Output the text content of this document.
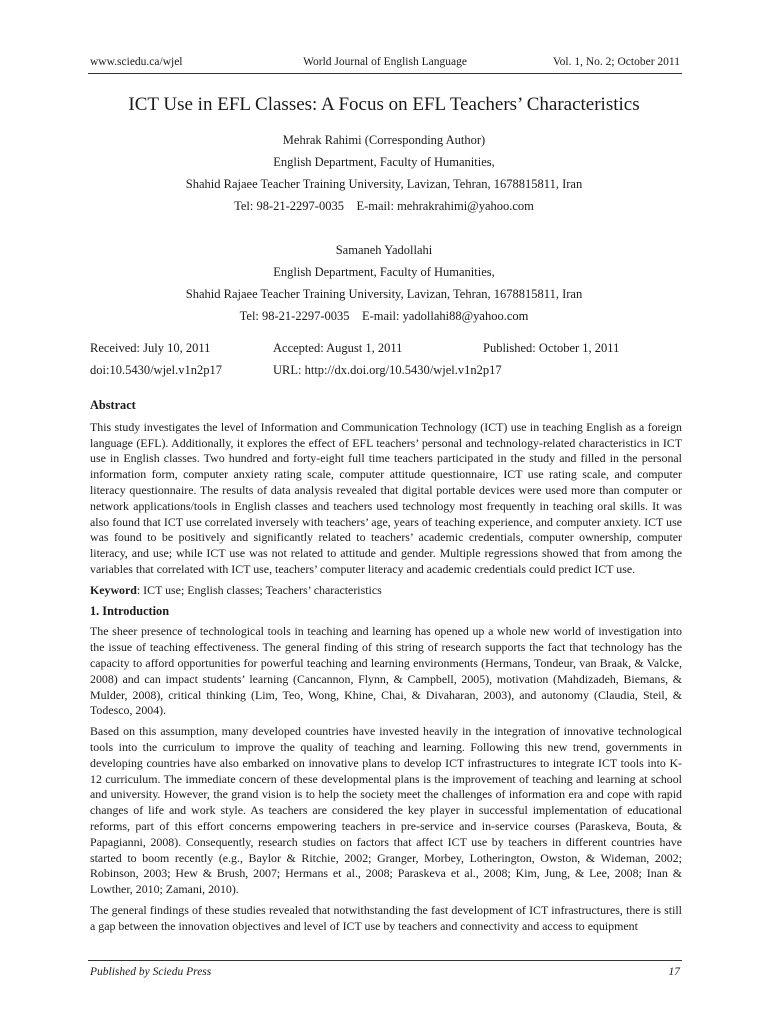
www.sciedu.ca/wjel	World Journal of English Language	Vol. 1, No. 2; October 2011
ICT Use in EFL Classes: A Focus on EFL Teachers’ Characteristics
Mehrak Rahimi (Corresponding Author)
English Department, Faculty of Humanities,
Shahid Rajaee Teacher Training University, Lavizan, Tehran, 1678815811, Iran
Tel: 98-21-2297-0035    E-mail: mehrakrahimi@yahoo.com
Samaneh Yadollahi
English Department, Faculty of Humanities,
Shahid Rajaee Teacher Training University, Lavizan, Tehran, 1678815811, Iran
Tel: 98-21-2297-0035    E-mail: yadollahi88@yahoo.com
Received: July 10, 2011	Accepted: August 1, 2011	Published: October 1, 2011
doi:10.5430/wjel.v1n2p17	URL: http://dx.doi.org/10.5430/wjel.v1n2p17
Abstract

This study investigates the level of Information and Communication Technology (ICT) use in teaching English as a foreign language (EFL). Additionally, it explores the effect of EFL teachers’ personal and technology-related characteristics in ICT use in English classes. Two hundred and forty-eight full time teachers participated in the study and filled in the personal information form, computer anxiety rating scale, computer attitude questionnaire, ICT use rating scale, and computer literacy questionnaire. The results of data analysis revealed that digital portable devices were used more than computer or network applications/tools in English classes and teachers used technology most frequently in teaching oral skills. It was also found that ICT use correlated inversely with teachers’ age, years of teaching experience, and computer anxiety. ICT use was found to be positively and significantly related to teachers’ academic credentials, computer ownership, computer literacy, and use; while ICT use was not related to attitude and gender. Multiple regressions showed that from among the variables that correlated with ICT use, teachers’ computer literacy and academic credentials could predict ICT use.

Keyword: ICT use; English classes; Teachers’ characteristics
1. Introduction

The sheer presence of technological tools in teaching and learning has opened up a whole new world of investigation into the issue of teaching effectiveness. The general finding of this string of research supports the fact that technology has the capacity to afford opportunities for powerful teaching and learning environments (Hermans, Tondeur, van Braak, & Valcke, 2008) and can impact students’ learning (Cancannon, Flynn, & Campbell, 2005), motivation (Mahdizadeh, Biemans, & Mulder, 2008), critical thinking (Lim, Teo, Wong, Khine, Chai, & Divaharan, 2003), and autonomy (Claudia, Steil, & Todesco, 2004).

Based on this assumption, many developed countries have invested heavily in the integration of innovative technological tools into the curriculum to improve the quality of teaching and learning. Following this new trend, governments in developing countries have also embarked on innovative plans to develop ICT infrastructures to integrate ICT tools into K-12 curriculum. The immediate concern of these developmental plans is the improvement of teaching and learning at school and university. However, the grand vision is to help the society meet the challenges of information era and cope with rapid changes of life and work style. As teachers are considered the key player in successful implementation of educational reforms, part of this effort concerns empowering teachers in pre-service and in-service courses (Paraskeva, Bouta, & Papagianni, 2008). Consequently, research studies on factors that affect ICT use by teachers in different countries have started to boom recently (e.g., Baylor & Ritchie, 2002; Granger, Morbey, Lotherington, Owston, & Wideman, 2002; Robinson, 2003; Hew & Brush, 2007; Hermans et al., 2008; Paraskeva et al., 2008; Kim, Jung, & Lee, 2008; Inan & Lowther, 2010; Zamani, 2010).

The general findings of these studies revealed that notwithstanding the fast development of ICT infrastructures, there is still a gap between the innovation objectives and level of ICT use by teachers and connectivity and access to equipment

Published by Sciedu Press	17
